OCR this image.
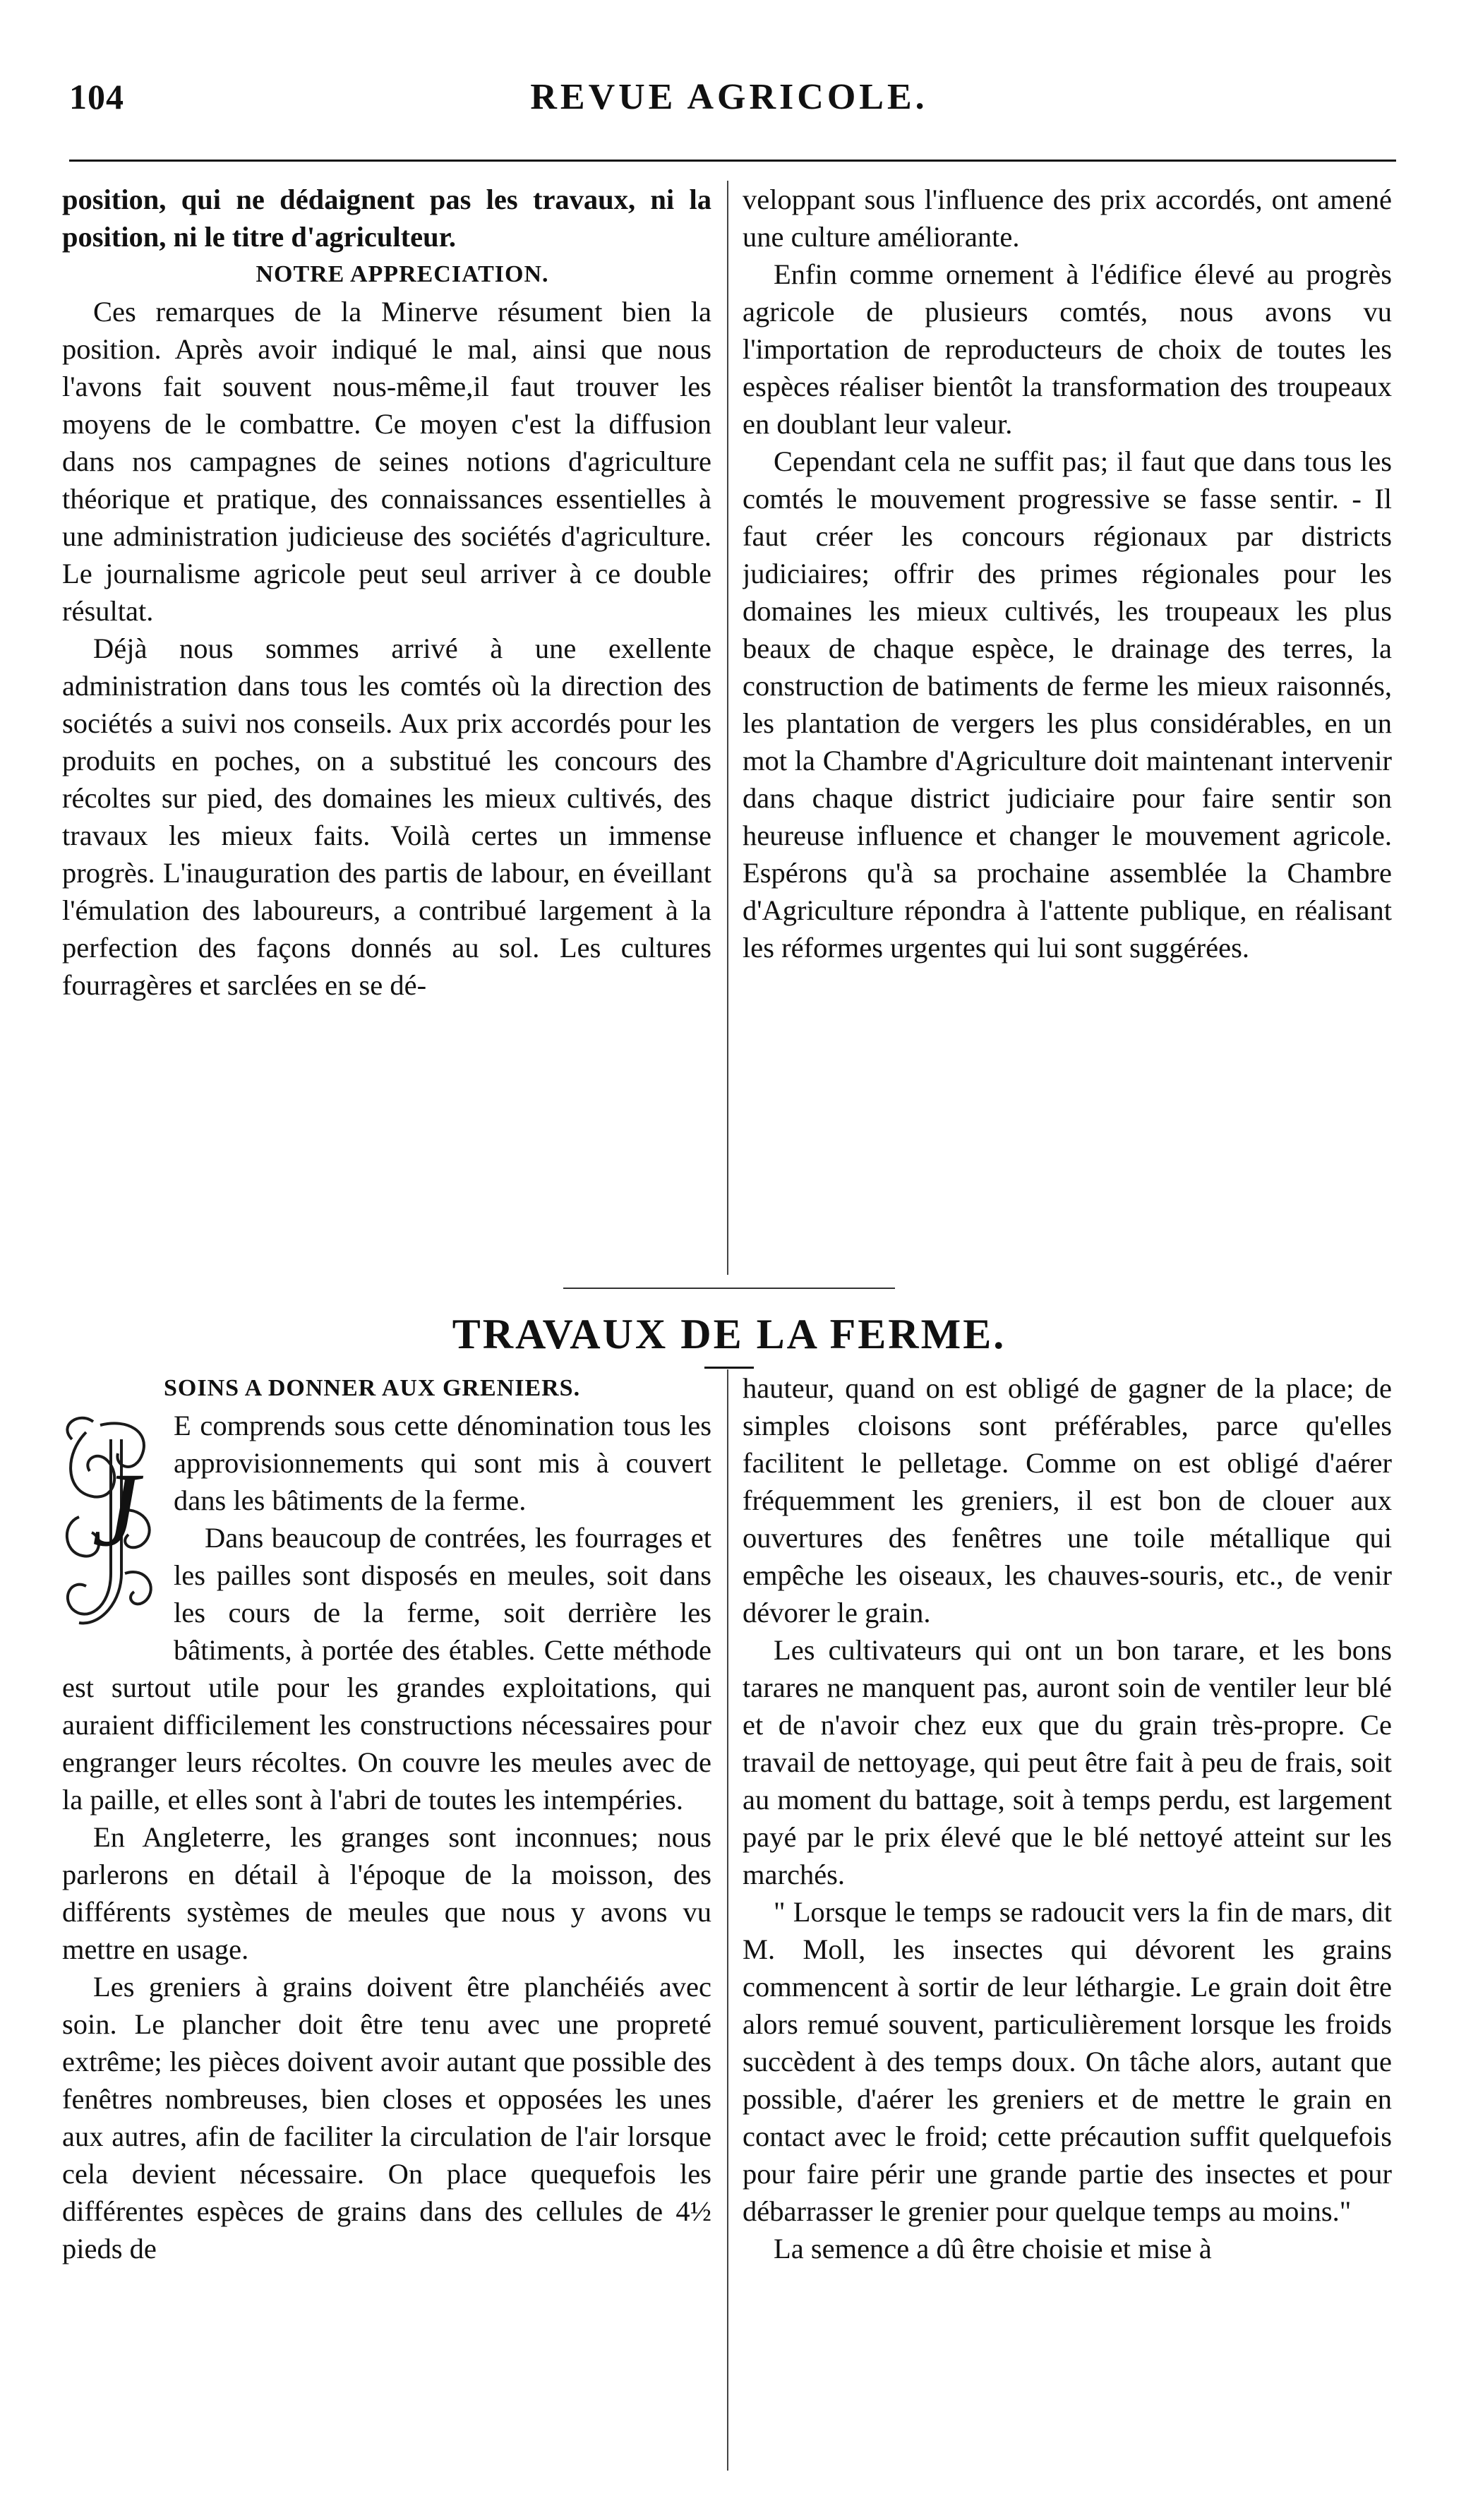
104	REVUE AGRICOLE.

position, qui ne dédaignent pas les travaux, ni la position, ni le titre d'agriculteur.

NOTRE APPRECIATION.

Ces remarques de la Minerve résument bien la position. Après avoir indiqué le mal, ainsi que nous l'avons fait souvent nous-même,il faut trouver les moyens de le combattre. Ce moyen c'est la diffusion dans nos campagnes de seines notions d'agriculture théorique et pratique, des connaissances essentielles à une administration judicieuse des sociétés d'agriculture. Le journalisme agricole peut seul arriver à ce double résultat.

Déjà nous sommes arrivé à une exellente administration dans tous les comtés où la direction des sociétés a suivi nos conseils. Aux prix accordés pour les produits en poches, on a substitué les concours des récoltes sur pied, des domaines les mieux cultivés, des travaux les mieux faits. Voilà certes un immense progrès. L'inauguration des partis de labour, en éveillant l'émulation des laboureurs, a contribué largement à la perfection des façons donnés au sol. Les cultures fourragères et sarclées en se dé-

veloppant sous l'influence des prix accordés, ont amené une culture améliorante.

Enfin comme ornement à l'édifice élevé au progrès agricole de plusieurs comtés, nous avons vu l'importation de reproducteurs de choix de toutes les espèces réaliser bientôt la transformation des troupeaux en doublant leur valeur.

Cependant cela ne suffit pas; il faut que dans tous les comtés le mouvement progressive se fasse sentir. - Il faut créer les concours régionaux par districts judiciaires; offrir des primes régionales pour les domaines les mieux cultivés, les troupeaux les plus beaux de chaque espèce, le drainage des terres, la construction de batiments de ferme les mieux raisonnés, les plantation de vergers les plus considérables, en un mot la Chambre d'Agriculture doit maintenant intervenir dans chaque district judiciaire pour faire sentir son heureuse influence et changer le mouvement agricole. Espérons qu'à sa prochaine assemblée la Chambre d'Agriculture répondra à l'attente publique, en réalisant les réformes urgentes qui lui sont suggérées.

TRAVAUX DE LA FERME.

SOINS A DONNER AUX GRENIERS.

J

E comprends sous cette dénomination tous les approvisionnements qui sont mis à couvert dans les bâtiments de la ferme.

Dans beaucoup de contrées, les fourrages et les pailles sont disposés en meules, soit dans les cours de la ferme, soit derrière les bâtiments, à portée des étables. Cette méthode est surtout utile pour les grandes exploitations, qui auraient difficilement les constructions nécessaires pour engranger leurs récoltes. On couvre les meules avec de la paille, et elles sont à l'abri de toutes les intempéries.

En Angleterre, les granges sont inconnues; nous parlerons en détail à l'époque de la moisson, des différents systèmes de meules que nous y avons vu mettre en usage.

Les greniers à grains doivent être planchéiés avec soin. Le plancher doit être tenu avec une propreté extrême; les pièces doivent avoir autant que possible des fenêtres nombreuses, bien closes et opposées les unes aux autres, afin de faciliter la circulation de l'air lorsque cela devient nécessaire. On place quequefois les différentes espèces de grains dans des cellules de 4½ pieds de

hauteur, quand on est obligé de gagner de la place; de simples cloisons sont préférables, parce qu'elles facilitent le pelletage. Comme on est obligé d'aérer fréquemment les greniers, il est bon de clouer aux ouvertures des fenêtres une toile métallique qui empêche les oiseaux, les chauves-souris, etc., de venir dévorer le grain.

Les cultivateurs qui ont un bon tarare, et les bons tarares ne manquent pas, auront soin de ventiler leur blé et de n'avoir chez eux que du grain très-propre. Ce travail de nettoyage, qui peut être fait à peu de frais, soit au moment du battage, soit à temps perdu, est largement payé par le prix élevé que le blé nettoyé atteint sur les marchés.

" Lorsque le temps se radoucit vers la fin de mars, dit M. Moll, les insectes qui dévorent les grains commencent à sortir de leur léthargie. Le grain doit être alors remué souvent, particulièrement lorsque les froids succèdent à des temps doux. On tâche alors, autant que possible, d'aérer les greniers et de mettre le grain en contact avec le froid; cette précaution suffit quelquefois pour faire périr une grande partie des insectes et pour débarrasser le grenier pour quelque temps au moins."

La semence a dû être choisie et mise à
